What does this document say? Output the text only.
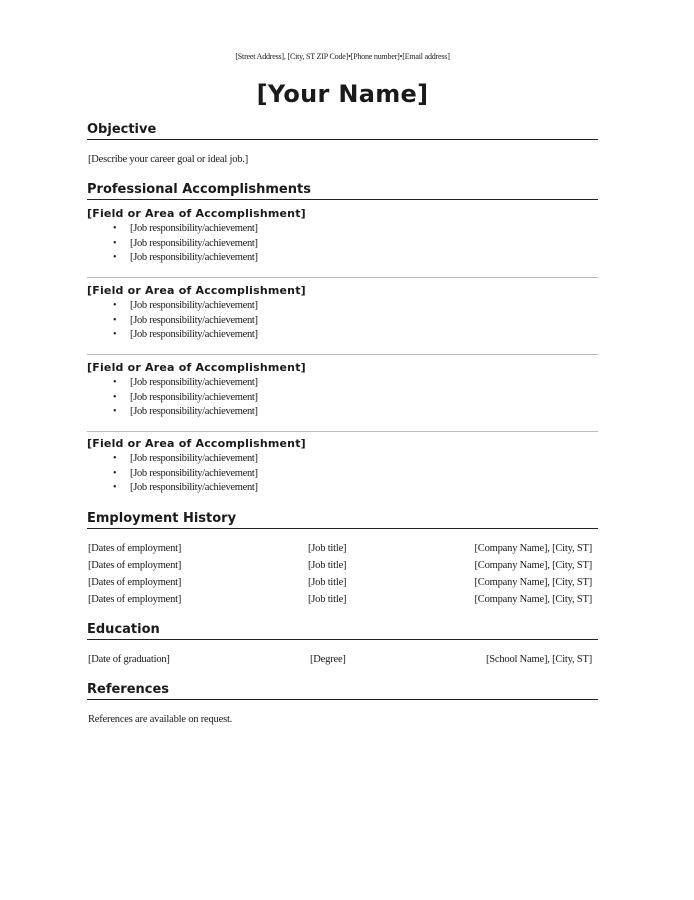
[Street Address], [City, ST ZIP Code]•[Phone number]•[Email address]
[Your Name]
Objective
[Describe your career goal or ideal job.]
Professional Accomplishments
[Field or Area of Accomplishment]
• [Job responsibility/achievement]
• [Job responsibility/achievement]
• [Job responsibility/achievement]
[Field or Area of Accomplishment]
• [Job responsibility/achievement]
• [Job responsibility/achievement]
• [Job responsibility/achievement]
[Field or Area of Accomplishment]
• [Job responsibility/achievement]
• [Job responsibility/achievement]
• [Job responsibility/achievement]
[Field or Area of Accomplishment]
• [Job responsibility/achievement]
• [Job responsibility/achievement]
• [Job responsibility/achievement]
Employment History
[Dates of employment]	[Job title]	[Company Name], [City, ST]
[Dates of employment]	[Job title]	[Company Name], [City, ST]
[Dates of employment]	[Job title]	[Company Name], [City, ST]
[Dates of employment]	[Job title]	[Company Name], [City, ST]
Education
[Date of graduation]	[Degree]	[School Name], [City, ST]
References
References are available on request.
